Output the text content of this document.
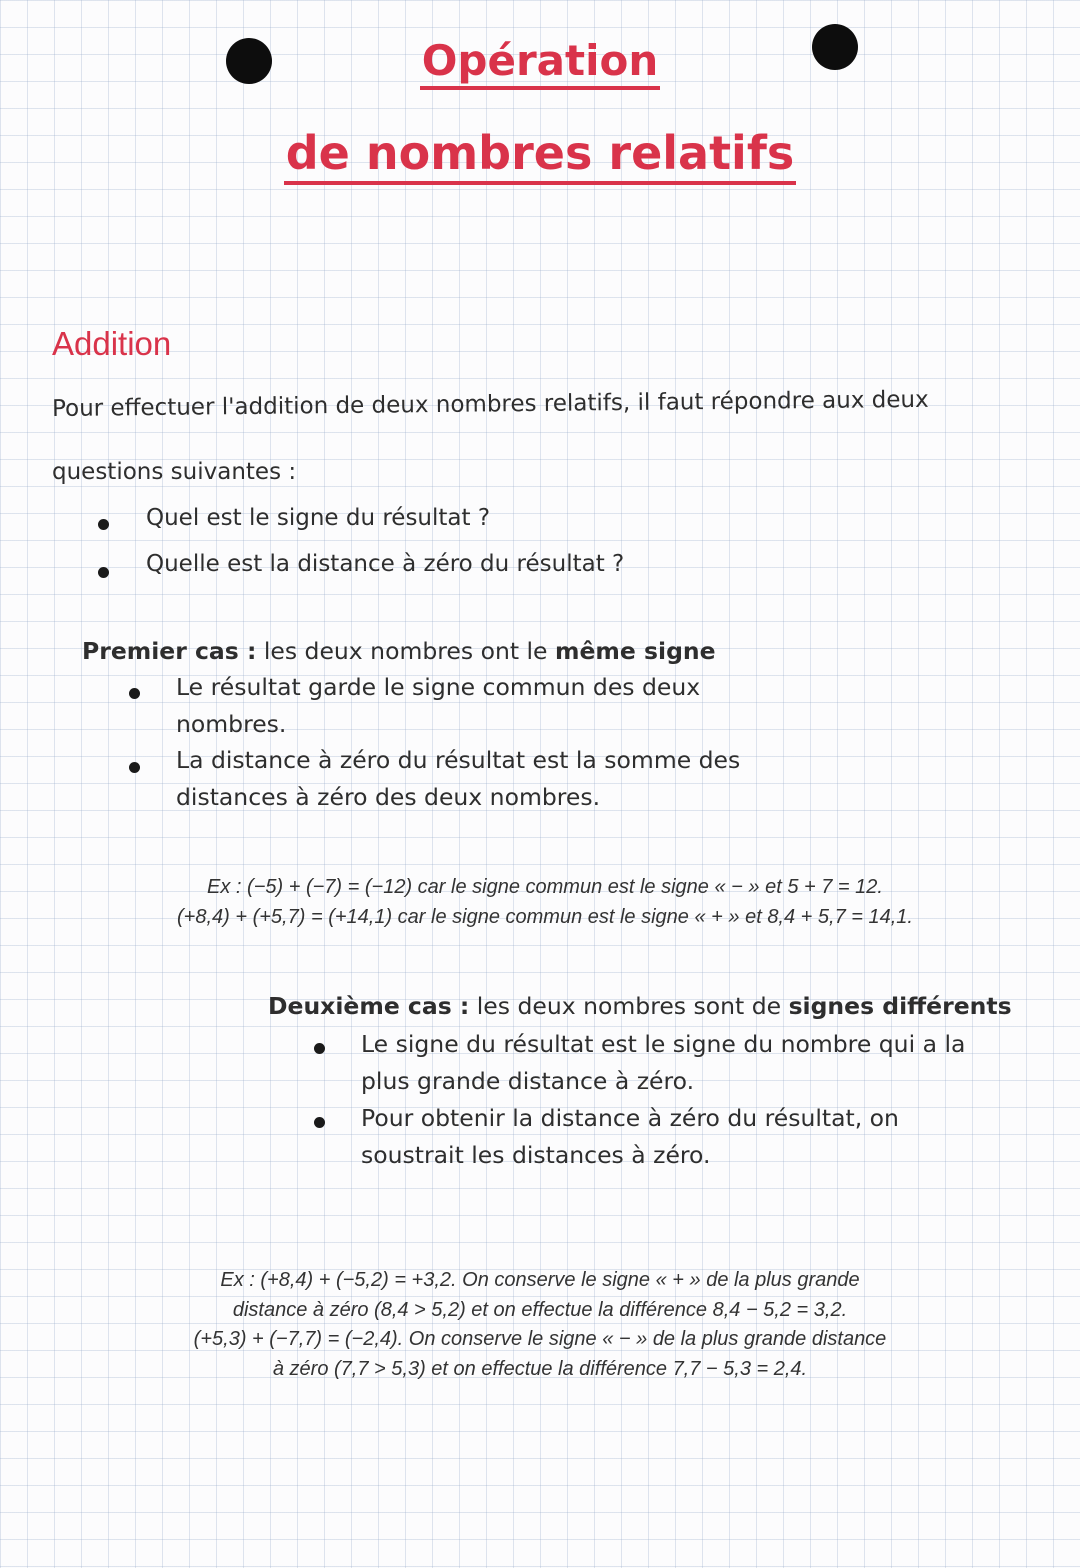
Opération
de nombres relatifs
Addition
Pour effectuer l'addition de deux nombres relatifs, il faut répondre aux deux
questions suivantes :
Quel est le signe du résultat ?
Quelle est la distance à zéro du résultat ?
Premier cas : les deux nombres ont le même signe
Le résultat garde le signe commun des deux
nombres.
La distance à zéro du résultat est la somme des
distances à zéro des deux nombres.
Ex : (−5) + (−7) = (−12) car le signe commun est le signe « − » et 5 + 7 = 12.
(+8,4) + (+5,7) = (+14,1) car le signe commun est le signe « + » et 8,4 + 5,7 = 14,1.
Deuxième cas : les deux nombres sont de signes différents
Le signe du résultat est le signe du nombre qui a la
plus grande distance à zéro.
Pour obtenir la distance à zéro du résultat, on
soustrait les distances à zéro.
Ex : (+8,4) + (−5,2) = +3,2. On conserve le signe « + » de la plus grande
distance à zéro (8,4 > 5,2) et on effectue la différence 8,4 − 5,2 = 3,2.
(+5,3) + (−7,7) = (−2,4). On conserve le signe « − » de la plus grande distance
à zéro (7,7 > 5,3) et on effectue la différence 7,7 − 5,3 = 2,4.
